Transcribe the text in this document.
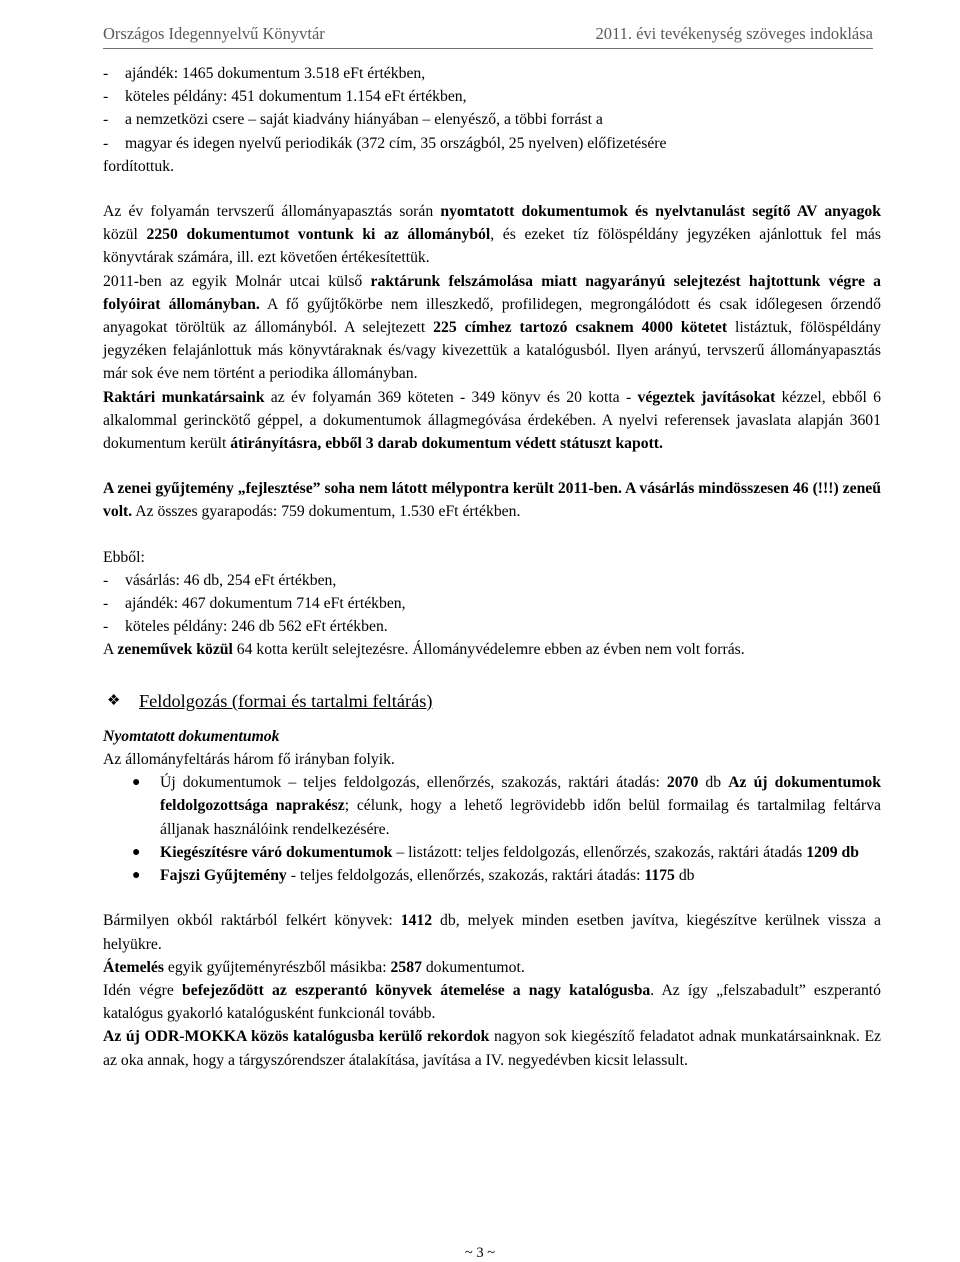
Országos Idegennyelvű Könyvtár	2011. évi tevékenység szöveges indoklása
-	ajándék: 1465 dokumentum 3.518 eFt értékben,
-	köteles példány: 451 dokumentum 1.154 eFt értékben,
-	a nemzetközi csere – saját kiadvány hiányában – elenyésző, a többi forrást a
-	magyar és idegen nyelvű periodikák (372 cím, 35 országból, 25 nyelven) előfizetésére

fordítottuk.

Az év folyamán tervszerű állományapasztás során nyomtatott dokumentumok és nyelvtanulást segítő AV anyagok közül 2250 dokumentumot vontunk ki az állományból, és ezeket tíz fölöspéldány jegyzéken ajánlottuk fel más könyvtárak számára, ill. ezt követően értékesítettük.

2011-ben az egyik Molnár utcai külső raktárunk felszámolása miatt nagyarányú selejtezést hajtottunk végre a folyóirat állományban. A fő gyűjtőkörbe nem illeszkedő, profilidegen, megrongálódott és csak időlegesen őrzendő anyagokat töröltük az állományból. A selejtezett 225 címhez tartozó csaknem 4000 kötetet listáztuk, fölöspéldány jegyzéken felajánlottuk más könyvtáraknak és/vagy kivezettük a katalógusból. Ilyen arányú, tervszerű állományapasztás már sok éve nem történt a periodika állományban.

Raktári munkatársaink az év folyamán 369 köteten - 349 könyv és 20 kotta - végeztek javításokat kézzel, ebből 6 alkalommal gerinckötő géppel, a dokumentumok állagmegóvása érdekében. A nyelvi referensek javaslata alapján 3601 dokumentum került átirányításra, ebből 3 darab dokumentum védett státuszt kapott.

A zenei gyűjtemény „fejlesztése” soha nem látott mélypontra került 2011-ben. A vásárlás mindösszesen 46 (!!!) zeneű volt. Az összes gyarapodás: 759 dokumentum, 1.530 eFt értékben.

Ebből:

-	vásárlás: 46 db, 254 eFt értékben,
-	ajándék: 467 dokumentum 714 eFt értékben,
-	köteles példány: 246 db 562 eFt értékben.

A zeneművek közül 64 kotta került selejtezésre. Állományvédelemre ebben az évben nem volt forrás.

❖	Feldolgozás (formai és tartalmi feltárás)

Nyomtatott dokumentumok

Az állományfeltárás három fő irányban folyik.

●	Új dokumentumok – teljes feldolgozás, ellenőrzés, szakozás, raktári átadás: 2070 db Az új dokumentumok feldolgozottsága naprakész; célunk, hogy a lehető legrövidebb időn belül formailag és tartalmilag feltárva álljanak használóink rendelkezésére.
●	Kiegészítésre váró dokumentumok – listázott: teljes feldolgozás, ellenőrzés, szakozás, raktári átadás 1209 db
●	Fajszi Gyűjtemény - teljes feldolgozás, ellenőrzés, szakozás, raktári átadás: 1175 db

Bármilyen okból raktárból felkért könyvek: 1412 db, melyek minden esetben javítva, kiegészítve kerülnek vissza a helyükre.

Átemelés egyik gyűjteményrészből másikba: 2587 dokumentumot.

Idén végre befejeződött az eszperantó könyvek átemelése a nagy katalógusba. Az így „felszabadult” eszperantó katalógus gyakorló katalógusként funkcionál tovább.

Az új ODR-MOKKA közös katalógusba kerülő rekordok nagyon sok kiegészítő feladatot adnak munkatársainknak. Ez az oka annak, hogy a tárgyszórendszer átalakítása, javítása a IV. negyedévben kicsit lelassult.

~ 3 ~
